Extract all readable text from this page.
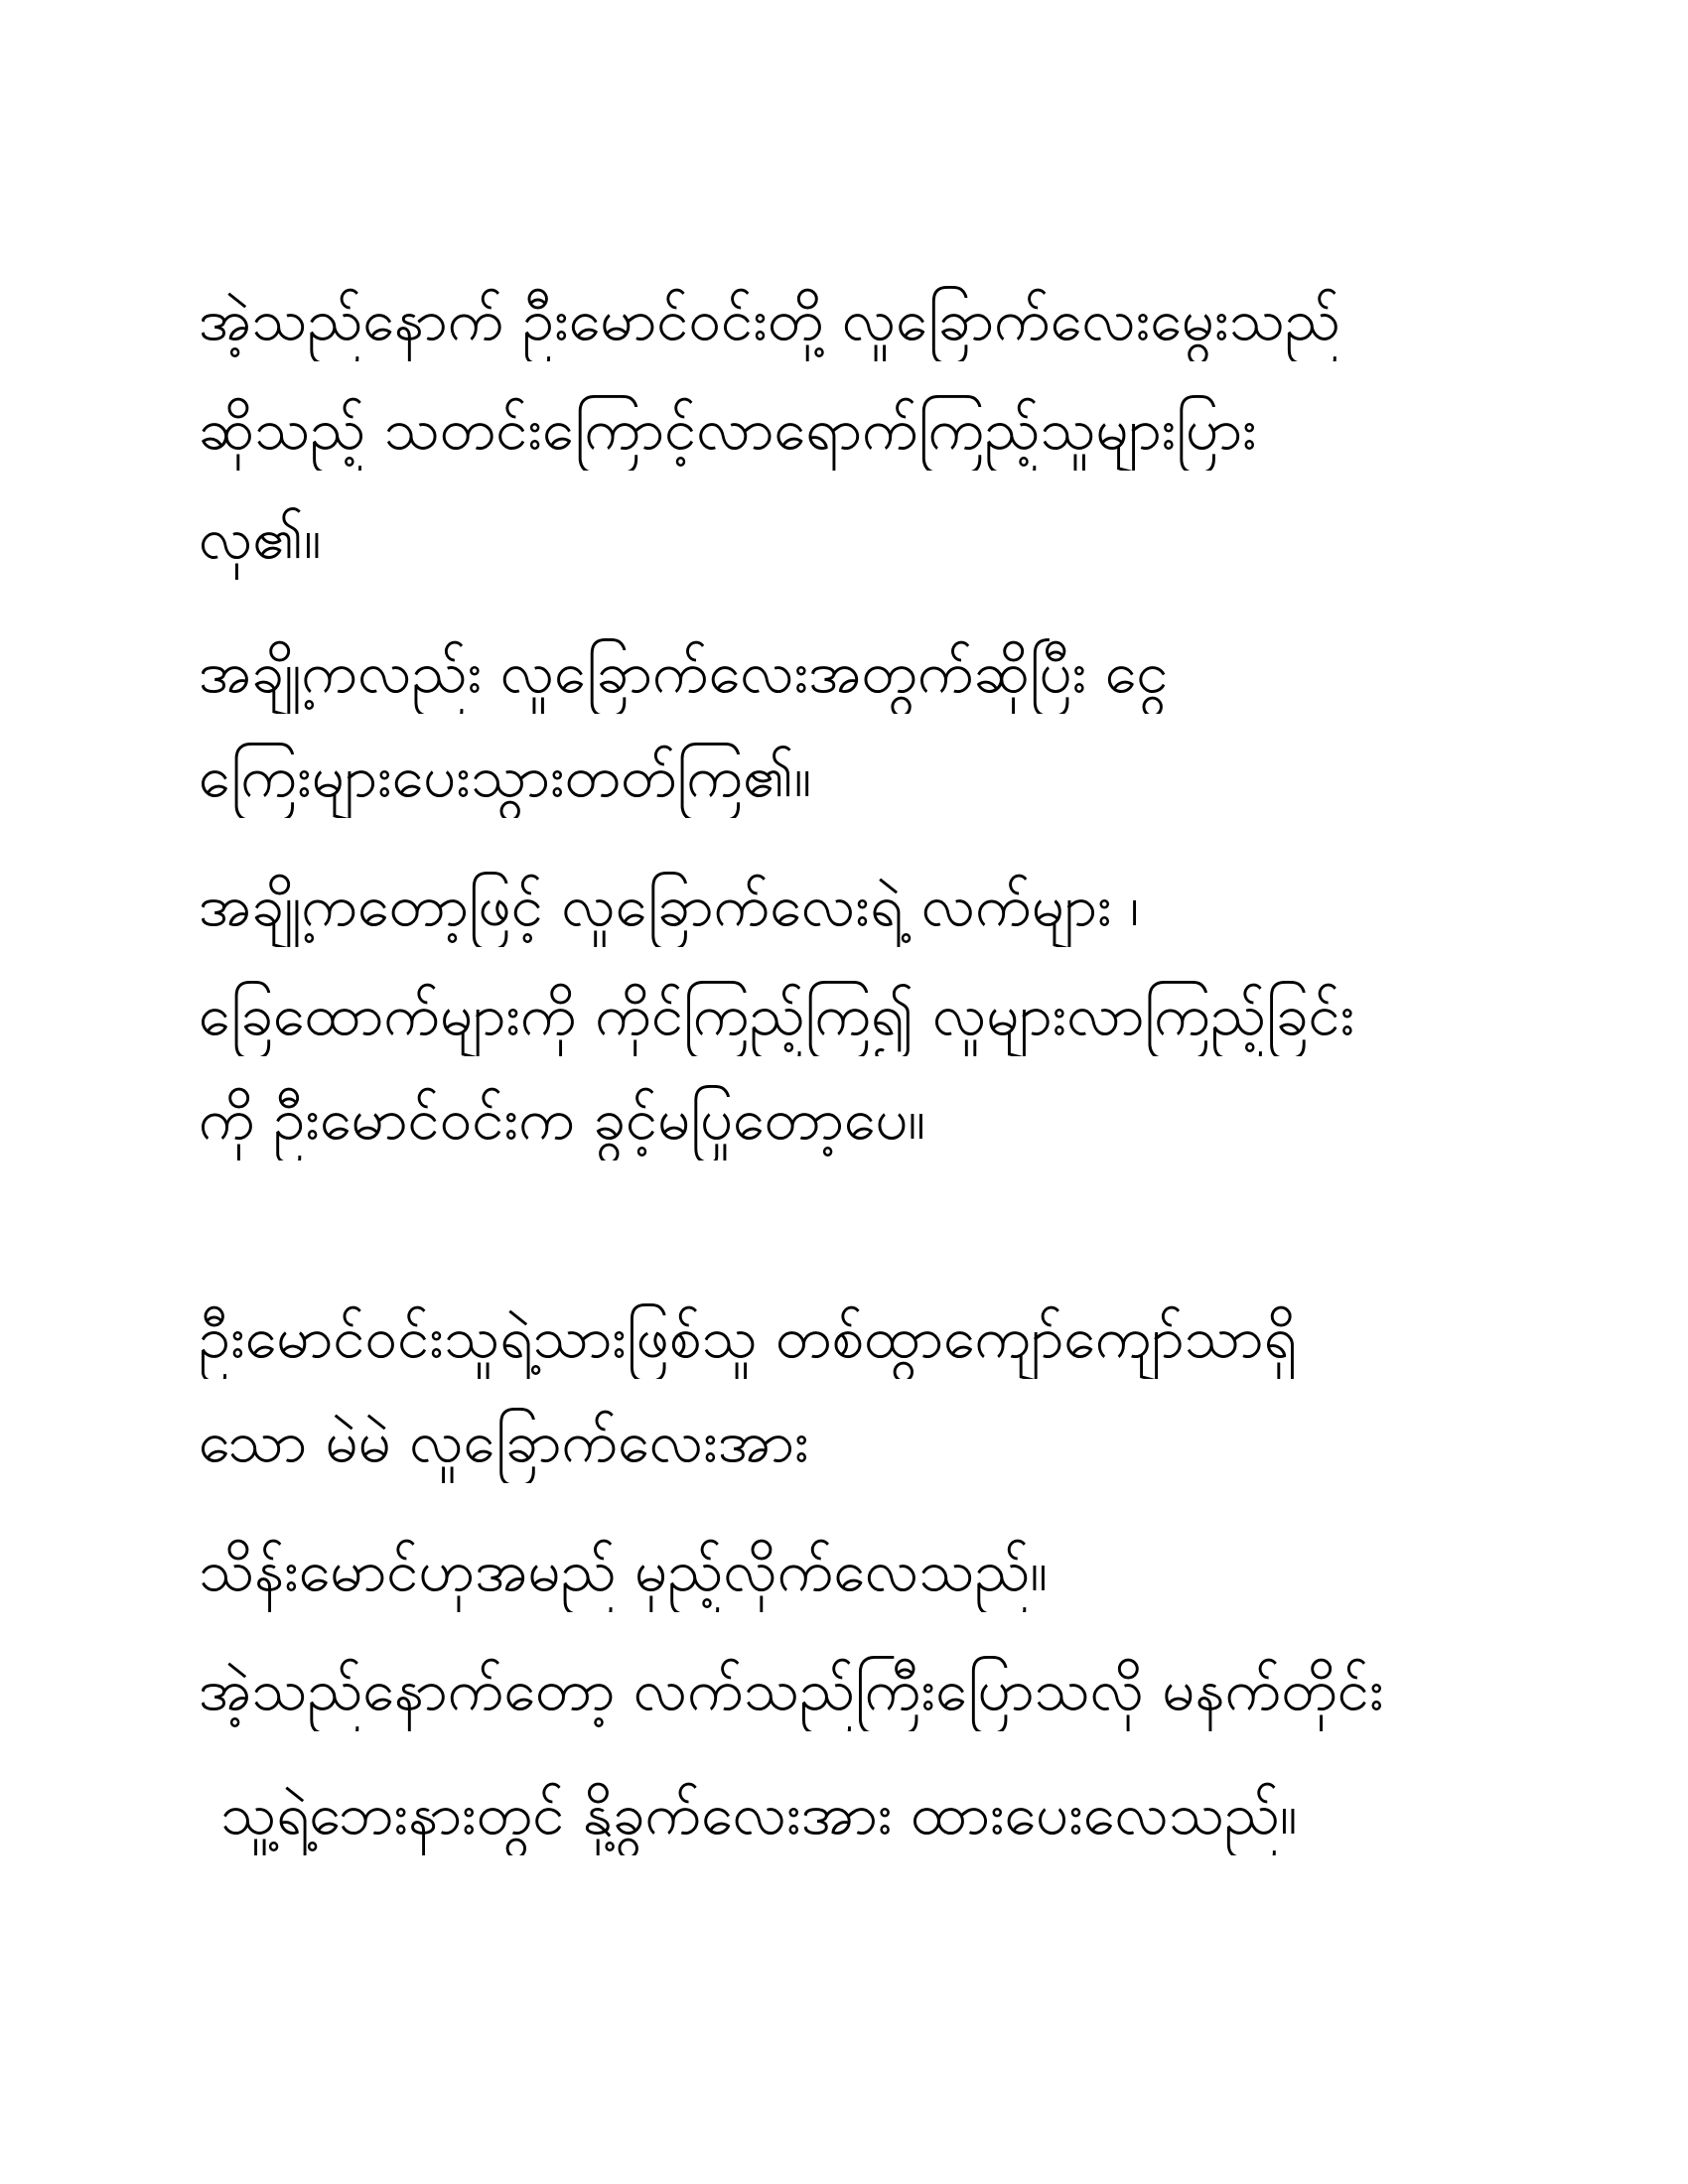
အဲ့သည်နောက် ဦးမောင်ဝင်းတို့ လူခြောက်လေးမွေးသည်
ဆိုသည့် သတင်းကြောင့်လာရောက်ကြည့်သူများပြား
လှ၏။
အချို့ကလည်း လူခြောက်လေးအတွက်ဆိုပြီး ငွေ
ကြေးများပေးသွားတတ်ကြ၏။
အချို့ကတော့ဖြင့် လူခြောက်လေးရဲ့ လက်များ ၊
ခြေထောက်များကို ကိုင်ကြည့်ကြ၍ လူများလာကြည့်ခြင်း
ကို ဦးမောင်ဝင်းက ခွင့်မပြုတော့ပေ။
ဦးမောင်ဝင်းသူရဲ့သားဖြစ်သူ တစ်ထွာကျော်ကျော်သာရှိ
သော မဲမဲ လူခြောက်လေးအား
သိန်းမောင်ဟုအမည် မှည့်လိုက်လေသည်။
အဲ့သည်နောက်တော့ လက်သည်ကြီးပြောသလို မနက်တိုင်း
သူ့ရဲ့ဘေးနားတွင် နို့ခွက်လေးအား ထားပေးလေသည်။
